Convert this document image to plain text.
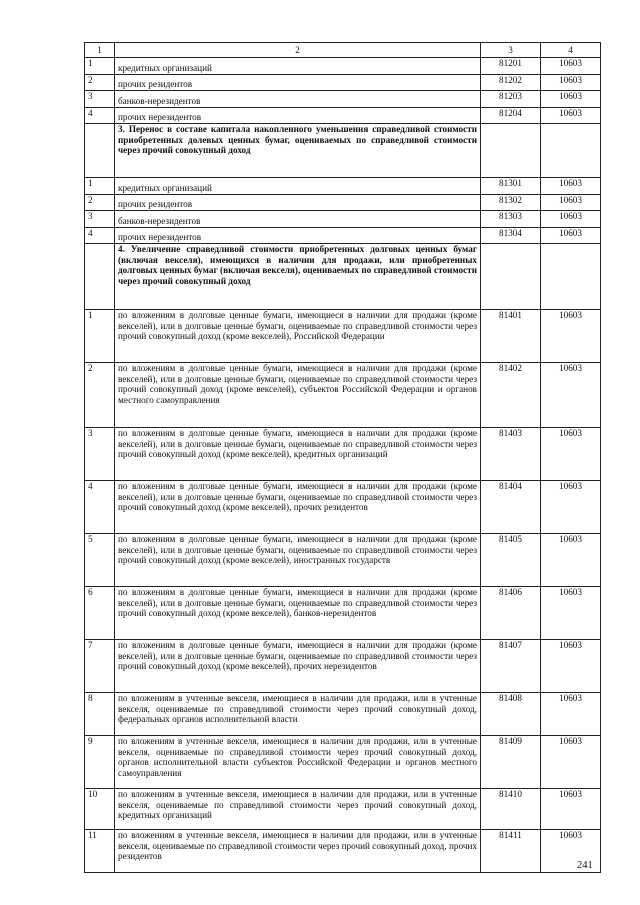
1	2	3	4
1	кредитных организаций	81201	10603
2	прочих резидентов	81202	10603
3	банков-нерезидентов	81203	10603
4	прочих нерезидентов	81204	10603
	3. Перенос в составе капитала накопленного уменьшения справедливой стоимости приобретенных долевых ценных бумаг, оцениваемых по справедливой стоимости через прочий совокупный доход		
1	кредитных организаций	81301	10603
2	прочих резидентов	81302	10603
3	банков-нерезидентов	81303	10603
4	прочих нерезидентов	81304	10603
	4. Увеличение справедливой стоимости приобретенных долговых ценных бумаг (включая векселя), имеющихся в наличии для продажи, или приобретенных долговых ценных бумаг (включая векселя), оцениваемых по справедливой стоимости через прочий совокупный доход		
1	по вложениям в долговые ценные бумаги, имеющиеся в наличии для продажи (кроме векселей), или в долговые ценные бумаги, оцениваемые по справедливой стоимости через прочий совокупный доход (кроме векселей), Российской Федерации	81401	10603
2	по вложениям в долговые ценные бумаги, имеющиеся в наличии для продажи (кроме векселей), или в долговые ценные бумаги, оцениваемые по справедливой стоимости через прочий совокупный доход (кроме векселей), субъектов Российской Федерации и органов местного самоуправления	81402	10603
3	по вложениям в долговые ценные бумаги, имеющиеся в наличии для продажи (кроме векселей), или в долговые ценные бумаги, оцениваемые по справедливой стоимости через прочий совокупный доход (кроме векселей), кредитных организаций	81403	10603
4	по вложениям в долговые ценные бумаги, имеющиеся в наличии для продажи (кроме векселей), или в долговые ценные бумаги, оцениваемые по справедливой стоимости через прочий совокупный доход (кроме векселей), прочих резидентов	81404	10603
5	по вложениям в долговые ценные бумаги, имеющиеся в наличии для продажи (кроме векселей), или в долговые ценные бумаги, оцениваемые по справедливой стоимости через прочий совокупный доход (кроме векселей), иностранных государств	81405	10603
6	по вложениям в долговые ценные бумаги, имеющиеся в наличии для продажи (кроме векселей), или в долговые ценные бумаги, оцениваемые по справедливой стоимости через прочий совокупный доход (кроме векселей), банков-нерезидентов	81406	10603
7	по вложениям в долговые ценные бумаги, имеющиеся в наличии для продажи (кроме векселей), или в долговые ценные бумаги, оцениваемые по справедливой стоимости через прочий совокупный доход (кроме векселей), прочих нерезидентов	81407	10603
8	по вложениям в учтенные векселя, имеющиеся в наличии для продажи, или в учтенные векселя, оцениваемые по справедливой стоимости через прочий совокупный доход, федеральных органов исполнительной власти	81408	10603
9	по вложениям в учтенные векселя, имеющиеся в наличии для продажи, или в учтенные векселя, оцениваемые по справедливой стоимости через прочий совокупный доход, органов исполнительной власти субъектов Российской Федерации и органов местного самоуправления	81409	10603
10	по вложениям в учтенные векселя, имеющиеся в наличии для продажи, или в учтенные векселя, оцениваемые по справедливой стоимости через прочий совокупный доход, кредитных организаций	81410	10603
11	по вложениям в учтенные векселя, имеющиеся в наличии для продажи, или в учтенные векселя, оцениваемые по справедливой стоимости через прочий совокупный доход, прочих резидентов	81411	10603
241
